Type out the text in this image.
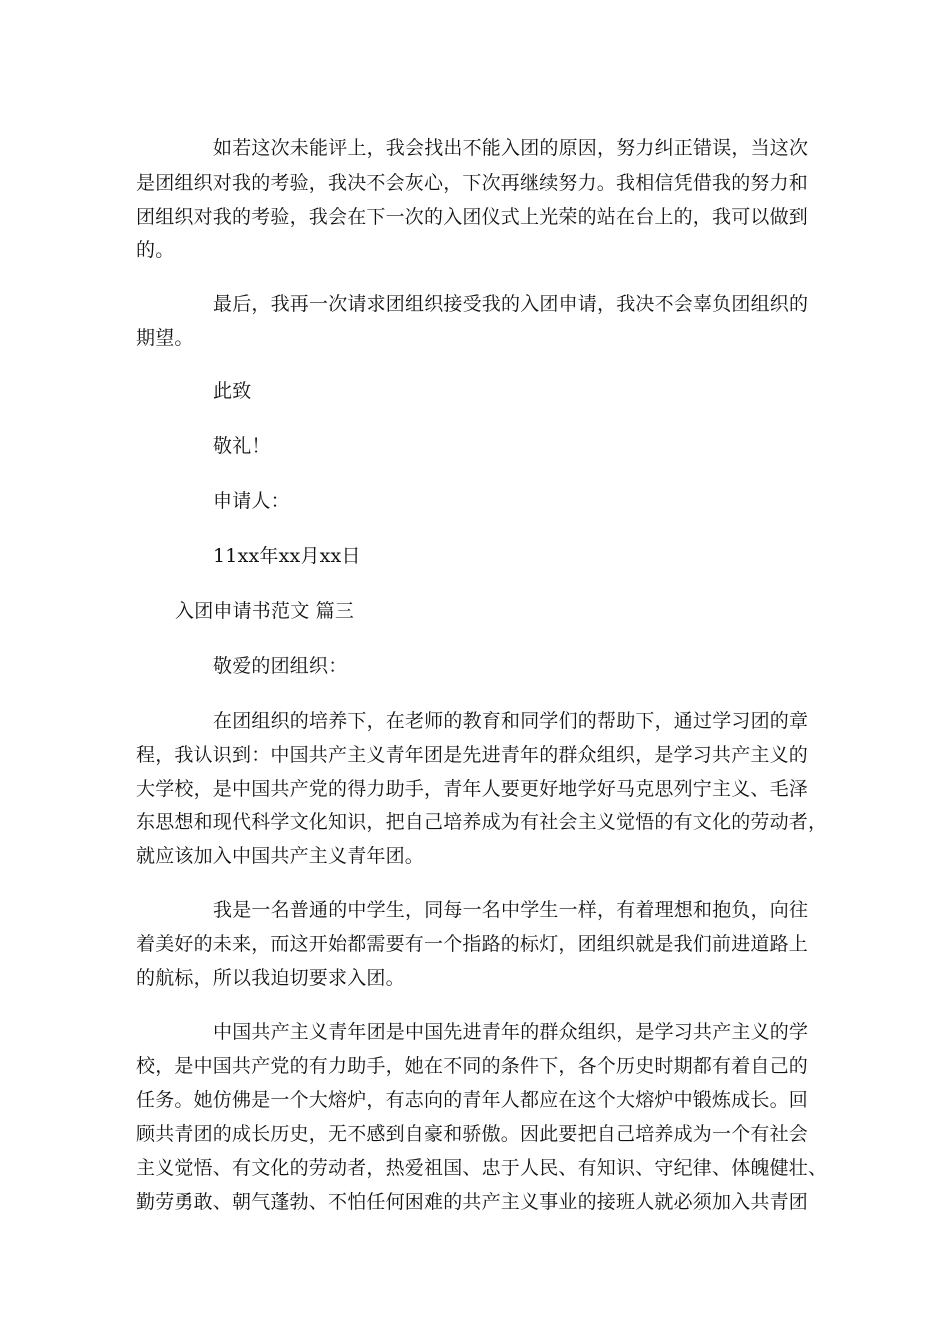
如若这次未能评上，我会找出不能入团的原因，努力纠正错误，当这次
是团组织对我的考验，我决不会灰心，下次再继续努力。我相信凭借我的努力和
团组织对我的考验，我会在下一次的入团仪式上光荣的站在台上的，我可以做到
的。
最后，我再一次请求团组织接受我的入团申请，我决不会辜负团组织的
期望。
此致
敬礼！
申请人：
11xx年xx月xx日
入团申请书范文 篇三
敬爱的团组织：
在团组织的培养下，在老师的教育和同学们的帮助下，通过学习团的章
程，我认识到：中国共产主义青年团是先进青年的群众组织，是学习共产主义的
大学校，是中国共产党的得力助手，青年人要更好地学好马克思列宁主义、毛泽
东思想和现代科学文化知识，把自己培养成为有社会主义觉悟的有文化的劳动者，
就应该加入中国共产主义青年团。
我是一名普通的中学生，同每一名中学生一样，有着理想和抱负，向往
着美好的未来，而这开始都需要有一个指路的标灯，团组织就是我们前进道路上
的航标，所以我迫切要求入团。
中国共产主义青年团是中国先进青年的群众组织，是学习共产主义的学
校，是中国共产党的有力助手，她在不同的条件下，各个历史时期都有着自己的
任务。她仿佛是一个大熔炉，有志向的青年人都应在这个大熔炉中锻炼成长。回
顾共青团的成长历史，无不感到自豪和骄傲。因此要把自己培养成为一个有社会
主义觉悟、有文化的劳动者，热爱祖国、忠于人民、有知识、守纪律、体魄健壮、
勤劳勇敢、朝气蓬勃、不怕任何困难的共产主义事业的接班人就必须加入共青团
